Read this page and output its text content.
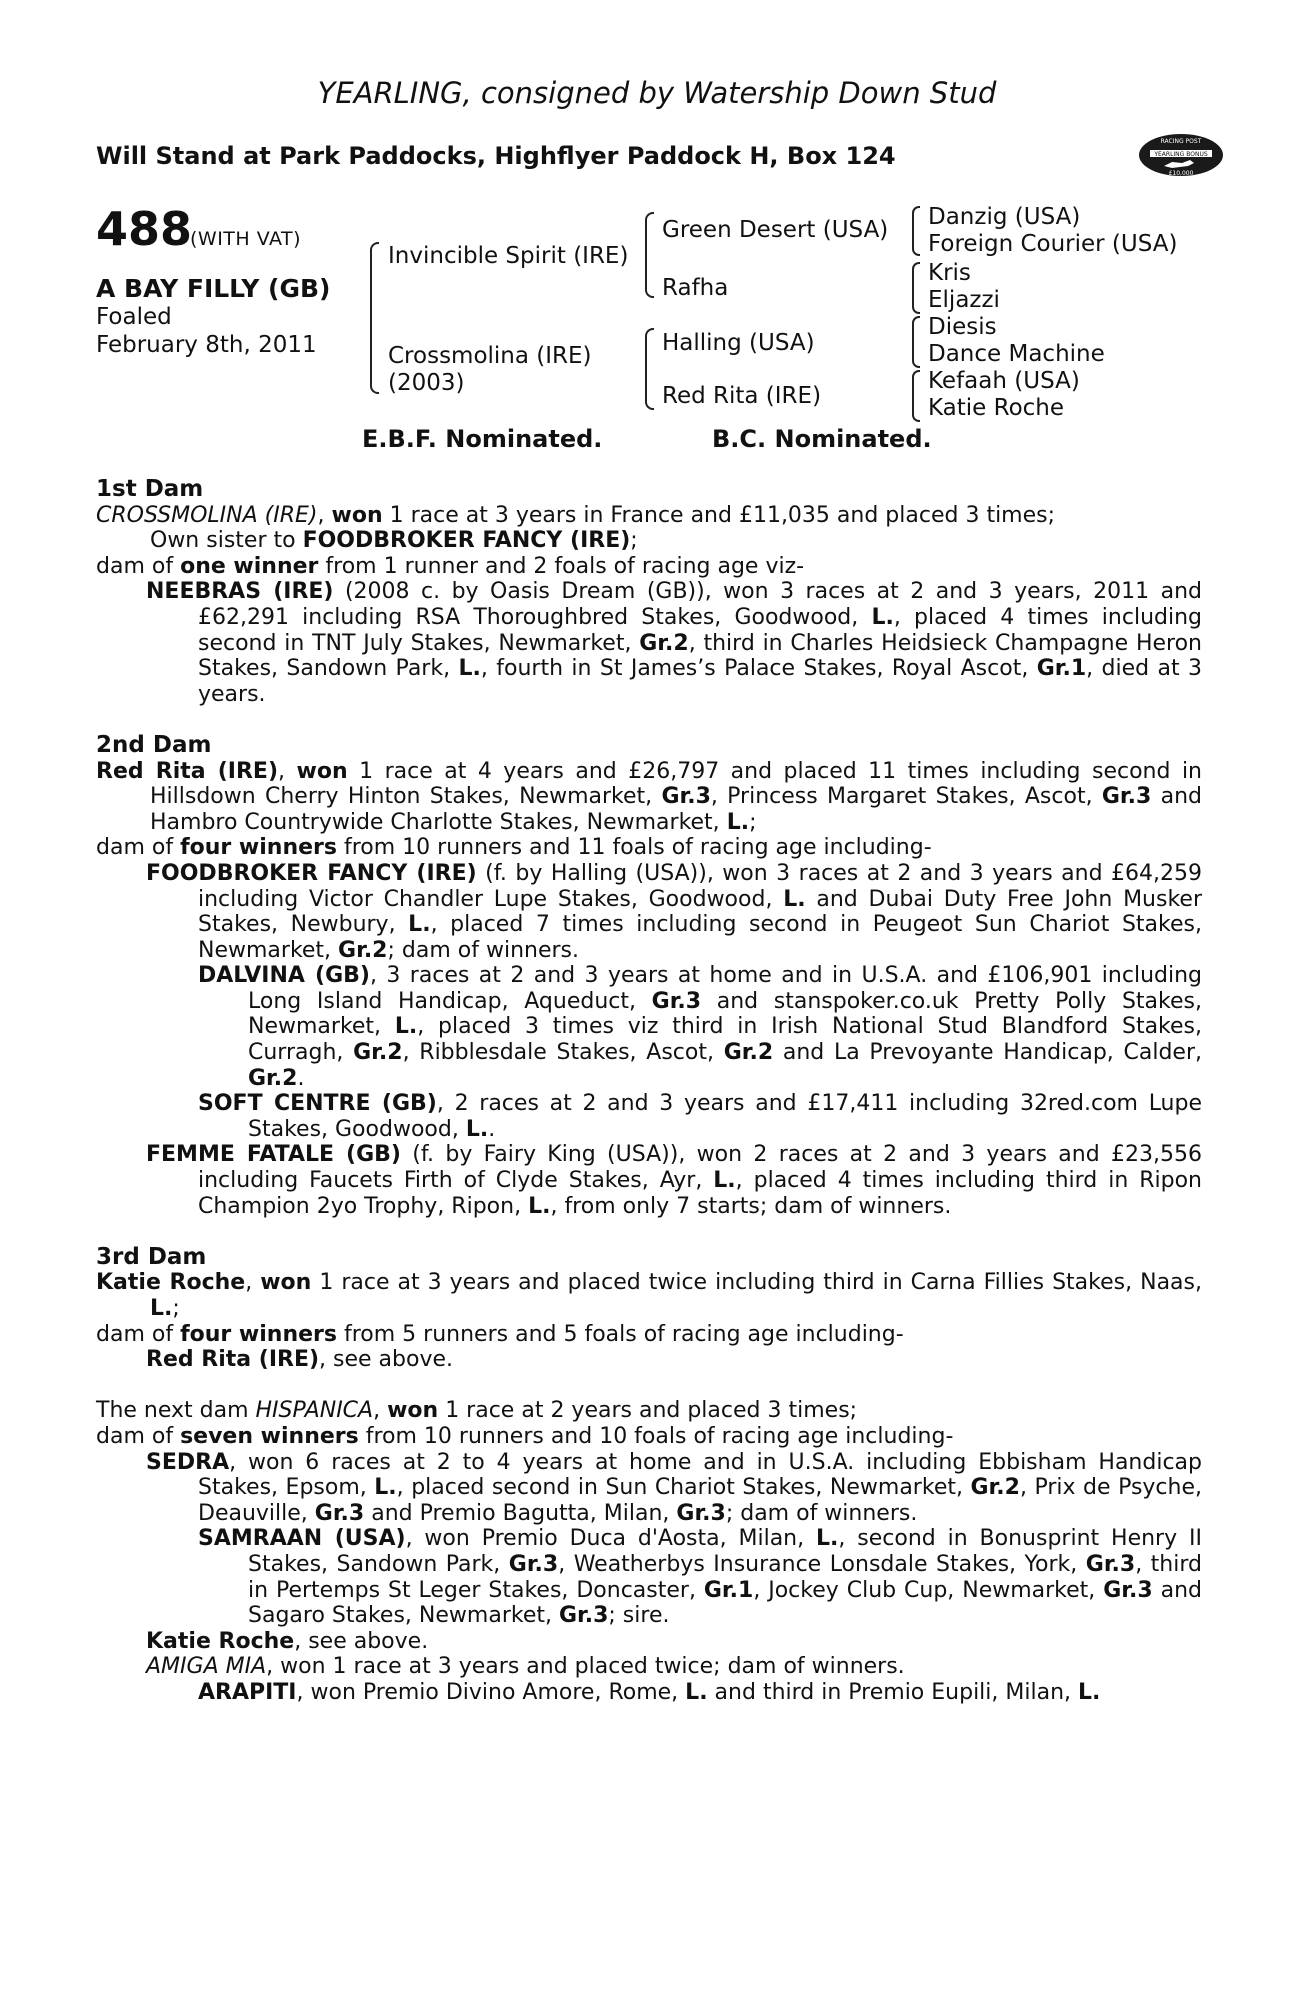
YEARLING, consigned by Watership Down Stud
Will Stand at Park Paddocks, Highflyer Paddock H, Box 124
RACING POST
YEARLING BONUS
£10,000
488
(WITH VAT)
A BAY FILLY (GB)
Foaled
February 8th, 2011
Invincible Spirit (IRE)
Crossmolina (IRE)
(2003)
Green Desert (USA)
Rafha
Halling (USA)
Red Rita (IRE)
Danzig (USA)
Foreign Courier (USA)
Kris
Eljazzi
Diesis
Dance Machine
Kefaah (USA)
Katie Roche
E.B.F. Nominated.	B.C. Nominated.

1st Dam

CROSSMOLINA (IRE), won 1 race at 3 years in France and £11,035 and placed 3 times;

Own sister to FOODBROKER FANCY (IRE);

dam of one winner from 1 runner and 2 foals of racing age viz-

NEEBRAS (IRE) (2008 c. by Oasis Dream (GB)), won 3 races at 2 and 3 years, 2011 and £62,291 including RSA Thoroughbred Stakes, Goodwood, L., placed 4 times including second in TNT July Stakes, Newmarket, Gr.2, third in Charles Heidsieck Champagne Heron Stakes, Sandown Park, L., fourth in St James’s Palace Stakes, Royal Ascot, Gr.1, died at 3 years.

2nd Dam

Red Rita (IRE), won 1 race at 4 years and £26,797 and placed 11 times including second in Hillsdown Cherry Hinton Stakes, Newmarket, Gr.3, Princess Margaret Stakes, Ascot, Gr.3 and Hambro Countrywide Charlotte Stakes, Newmarket, L.;

dam of four winners from 10 runners and 11 foals of racing age including-

FOODBROKER FANCY (IRE) (f. by Halling (USA)), won 3 races at 2 and 3 years and £64,259 including Victor Chandler Lupe Stakes, Goodwood, L. and Dubai Duty Free John Musker Stakes, Newbury, L., placed 7 times including second in Peugeot Sun Chariot Stakes, Newmarket, Gr.2; dam of winners.

DALVINA (GB), 3 races at 2 and 3 years at home and in U.S.A. and £106,901 including Long Island Handicap, Aqueduct, Gr.3 and stanspoker.co.uk Pretty Polly Stakes, Newmarket, L., placed 3 times viz third in Irish National Stud Blandford Stakes, Curragh, Gr.2, Ribblesdale Stakes, Ascot, Gr.2 and La Prevoyante Handicap, Calder, Gr.2.

SOFT CENTRE (GB), 2 races at 2 and 3 years and £17,411 including 32red.com Lupe Stakes, Goodwood, L..

FEMME FATALE (GB) (f. by Fairy King (USA)), won 2 races at 2 and 3 years and £23,556 including Faucets Firth of Clyde Stakes, Ayr, L., placed 4 times including third in Ripon Champion 2yo Trophy, Ripon, L., from only 7 starts; dam of winners.

3rd Dam

Katie Roche, won 1 race at 3 years and placed twice including third in Carna Fillies Stakes, Naas, L.;

dam of four winners from 5 runners and 5 foals of racing age including-

Red Rita (IRE), see above.

The next dam HISPANICA, won 1 race at 2 years and placed 3 times;

dam of seven winners from 10 runners and 10 foals of racing age including-

SEDRA, won 6 races at 2 to 4 years at home and in U.S.A. including Ebbisham Handicap Stakes, Epsom, L., placed second in Sun Chariot Stakes, Newmarket, Gr.2, Prix de Psyche, Deauville, Gr.3 and Premio Bagutta, Milan, Gr.3; dam of winners.

SAMRAAN (USA), won Premio Duca d'Aosta, Milan, L., second in Bonusprint Henry II Stakes, Sandown Park, Gr.3, Weatherbys Insurance Lonsdale Stakes, York, Gr.3, third in Pertemps St Leger Stakes, Doncaster, Gr.1, Jockey Club Cup, Newmarket, Gr.3 and Sagaro Stakes, Newmarket, Gr.3; sire.

Katie Roche, see above.

AMIGA MIA, won 1 race at 3 years and placed twice; dam of winners.

ARAPITI, won Premio Divino Amore, Rome, L. and third in Premio Eupili, Milan, L.
